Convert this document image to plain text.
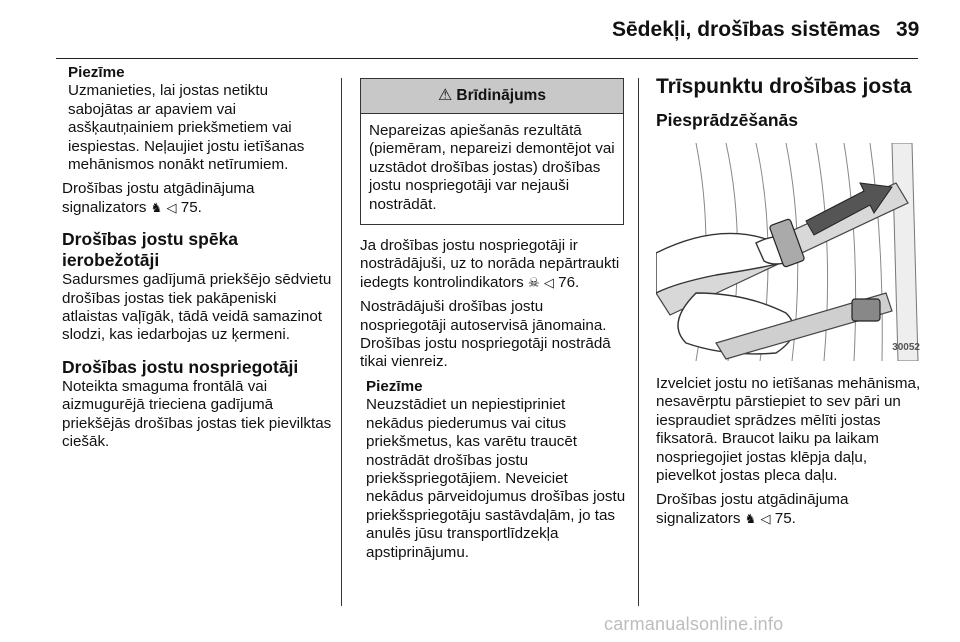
Sēdekļi, drošības sistēmas 39
Piezīme
Uzmanieties, lai jostas netiktu sabojātas ar apaviem vai asšķautņainiem priekšmetiem vai iespiestas. Neļaujiet jostu ietīšanas mehānismos nonākt netīrumiem.

Drošības jostu atgādinājuma signalizators ♞ ◁ 75.

Drošības jostu spēka ierobežotāji

Sadursmes gadījumā priekšējo sēdvietu drošības jostas tiek pakāpeniski atlaistas vaļīgāk, tādā veidā samazinot slodzi, kas iedarbojas uz ķermeni.

Drošības jostu nospriegotāji

Noteikta smaguma frontālā vai aizmugurējā trieciena gadījumā priekšējās drošības jostas tiek pievilktas ciešāk.

⚠ Brīdinājums
Nepareizas apiešanās rezultātā (piemēram, nepareizi demontējot vai uzstādot drošības jostas) drošības jostu nospriegotāji var nejauši nostrādāt.

Ja drošības jostu nospriegotāji ir nostrādājuši, uz to norāda nepārtraukti iedegts kontrolindikators ☠ ◁ 76.

Nostrādājuši drošības jostu nospriegotāji autoservisā jānomaina. Drošības jostu nospriegotāji nostrādā tikai vienreiz.

Piezīme
Neuzstādiet un nepiestipriniet nekādus piederumus vai citus priekšmetus, kas varētu traucēt nostrādāt drošības jostu priekšspriegotājiem. Neveiciet nekādus pārveidojumus drošības jostu priekšspriegotāju sastāvdaļām, jo tas anulēs jūsu transportlīdzekļa apstiprinājumu.
Trīspunktu drošības josta
Piesprādzēšanās
30052

Izvelciet jostu no ietīšanas mehānisma, nesavērptu pārstiepiet to sev pāri un iespraudiet sprādzes mēlīti jostas fiksatorā. Braucot laiku pa laikam nospriegojiet jostas klēpja daļu, pievelkot jostas pleca daļu.

Drošības jostu atgādinājuma signalizators ♞ ◁ 75.

carmanualsonline.info
